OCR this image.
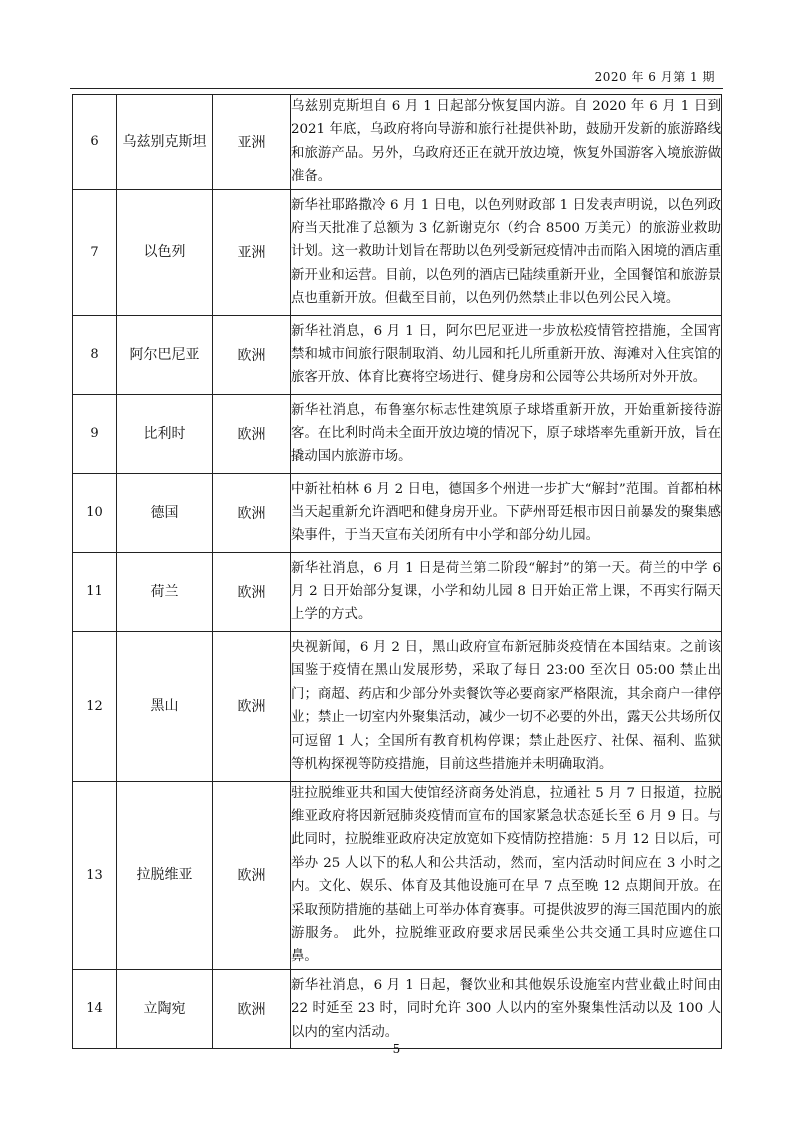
2020 年 6 月第 1 期
6	乌兹别克斯坦	亚洲	乌兹别克斯坦自 6 月 1 日起部分恢复国内游。自 2020 年 6 月 1 日到 2021 年底，乌政府将向导游和旅行社提供补助，鼓励开发新的旅游路线和旅游产品。另外，乌政府还正在就开放边境，恢复外国游客入境旅游做准备。
7	以色列	亚洲	新华社耶路撒冷 6 月 1 日电，以色列财政部 1 日发表声明说，以色列政府当天批准了总额为 3 亿新谢克尔（约合 8500 万美元）的旅游业救助计划。这一救助计划旨在帮助以色列受新冠疫情冲击而陷入困境的酒店重新开业和运营。目前，以色列的酒店已陆续重新开业，全国餐馆和旅游景点也重新开放。但截至目前，以色列仍然禁止非以色列公民入境。
8	阿尔巴尼亚	欧洲	新华社消息，6 月 1 日，阿尔巴尼亚进一步放松疫情管控措施，全国宵禁和城市间旅行限制取消、幼儿园和托儿所重新开放、海滩对入住宾馆的旅客开放、体育比赛将空场进行、健身房和公园等公共场所对外开放。
9	比利时	欧洲	新华社消息，布鲁塞尔标志性建筑原子球塔重新开放，开始重新接待游客。在比利时尚未全面开放边境的情况下，原子球塔率先重新开放，旨在撬动国内旅游市场。
10	德国	欧洲	中新社柏林 6 月 2 日电，德国多个州进一步扩大“解封”范围。首都柏林当天起重新允许酒吧和健身房开业。下萨州哥廷根市因日前暴发的聚集感染事件，于当天宣布关闭所有中小学和部分幼儿园。
11	荷兰	欧洲	新华社消息，6 月 1 日是荷兰第二阶段“解封”的第一天。荷兰的中学 6 月 2 日开始部分复课，小学和幼儿园 8 日开始正常上课，不再实行隔天上学的方式。
12	黑山	欧洲	央视新闻，6 月 2 日，黑山政府宣布新冠肺炎疫情在本国结束。之前该国鉴于疫情在黑山发展形势，采取了每日 23:00 至次日 05:00 禁止出门；商超、药店和少部分外卖餐饮等必要商家严格限流，其余商户一律停业；禁止一切室内外聚集活动，减少一切不必要的外出，露天公共场所仅可逗留 1 人；全国所有教育机构停课；禁止赴医疗、社保、福利、监狱等机构探视等防疫措施，目前这些措施并未明确取消。
13	拉脱维亚	欧洲	驻拉脱维亚共和国大使馆经济商务处消息，拉通社 5 月 7 日报道，拉脱维亚政府将因新冠肺炎疫情而宣布的国家紧急状态延长至 6 月 9 日。与此同时，拉脱维亚政府决定放宽如下疫情防控措施：5 月 12 日以后，可举办 25 人以下的私人和公共活动，然而，室内活动时间应在 3 小时之内。文化、娱乐、体育及其他设施可在早 7 点至晚 12 点期间开放。在采取预防措施的基础上可举办体育赛事。可提供波罗的海三国范围内的旅游服务。 此外，拉脱维亚政府要求居民乘坐公共交通工具时应遮住口鼻。
14	立陶宛	欧洲	新华社消息，6 月 1 日起，餐饮业和其他娱乐设施室内营业截止时间由 22 时延至 23 时，同时允许 300 人以内的室外聚集性活动以及 100 人以内的室内活动。
5
